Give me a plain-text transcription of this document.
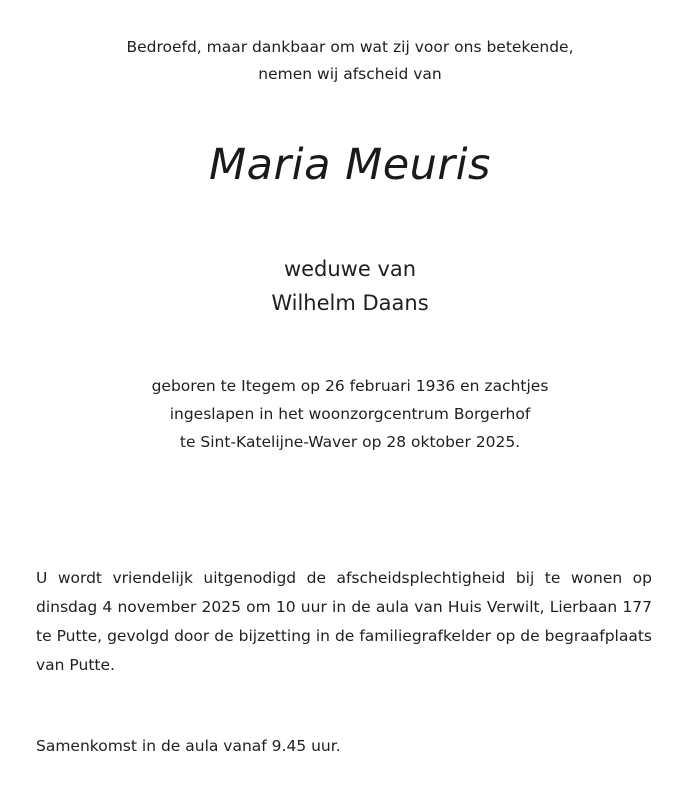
Bedroefd, maar dankbaar om wat zij voor ons betekende,
nemen wij afscheid van
Maria Meuris
weduwe van
Wilhelm Daans
geboren te Itegem op 26 februari 1936 en zachtjes
ingeslapen in het woonzorgcentrum Borgerhof
te Sint-Katelijne-Waver op 28 oktober 2025.
U wordt vriendelijk uitgenodigd de afscheidsplechtigheid bij te wonen op dinsdag 4 november 2025 om 10 uur in de aula van Huis Verwilt, Lierbaan 177 te Putte, gevolgd door de bijzetting in de familiegrafkelder op de begraafplaats van Putte.
Samenkomst in de aula vanaf 9.45 uur.
